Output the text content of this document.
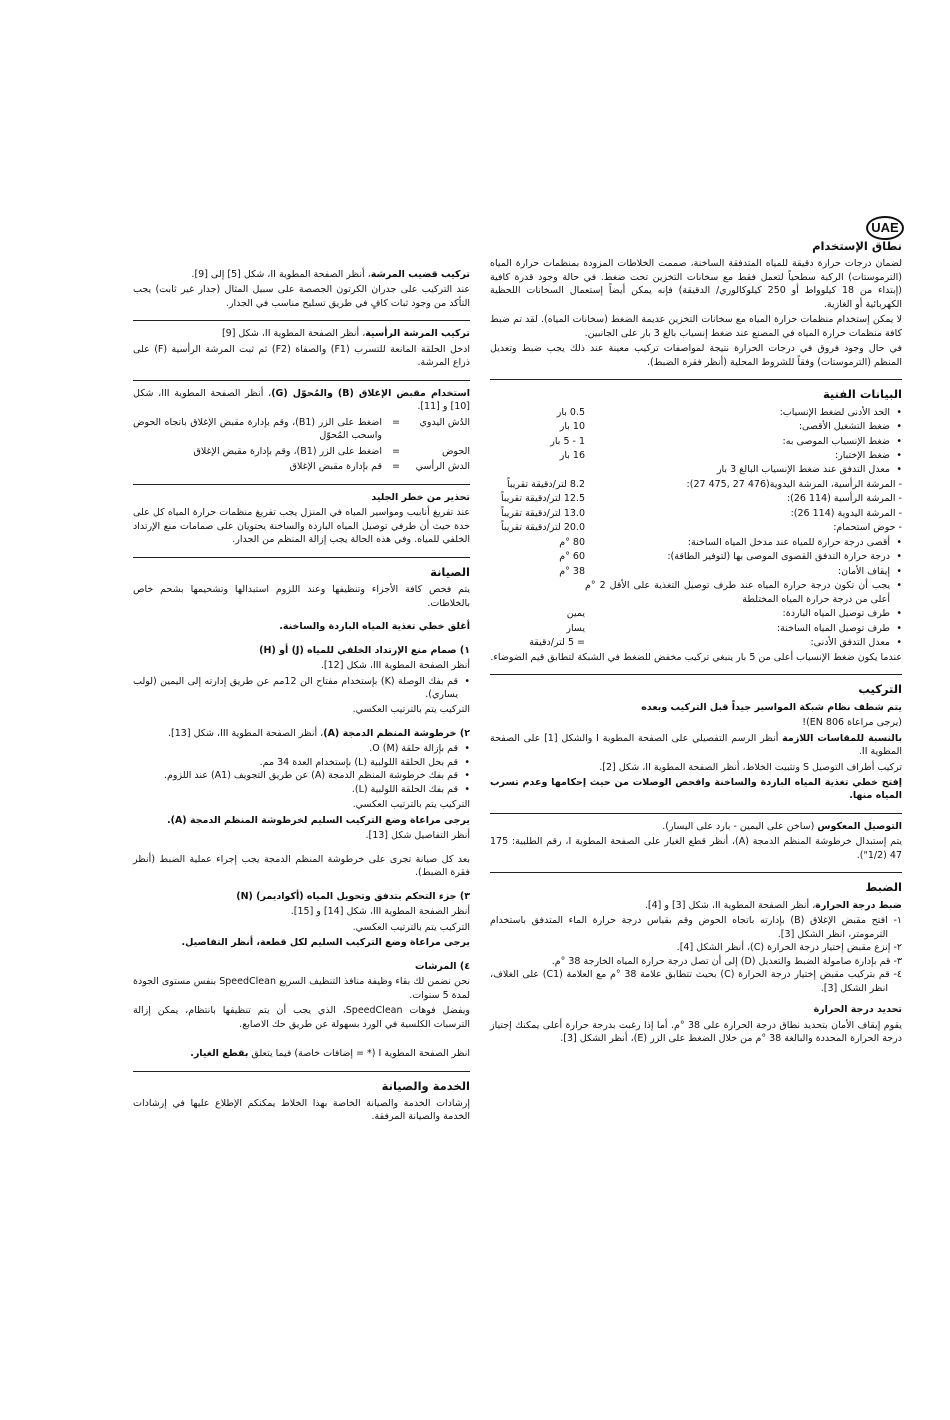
UAE
نطاق الإستخدام

لضمان درجات حرارة دقيقة للمياه المتدفقة الساخنة، صممت الخلاطات المزودة بمنظمات حرارة المياه (الترموستات) الركبة سطحياً لتعمل فقط مع سخانات التخزين تحت ضغط. في حالة وجود قدرة كافية (إبتداء من 18 كيلوواط أو 250 كيلوكالوري/ الدقيقة) فإنه يمكن أيضاً إستعمال السخانات اللحظية الكهربائية أو الغازية.

لا يمكن إستخدام منظمات حرارة المياه مع سخانات التخزين عديمة الضغط (سخانات المياه). لقد تم ضبط كافة منظمات حرارة المياه في المصنع عند ضغط إنسياب بالغ 3 بار على الجانبين.

في حال وجود فروق في درجات الحرارة نتيجة لمواصفات تركيب معينة عند ذلك يجب ضبط وتعديل المنظم (الترموستات) وفقاً للشروط المحلية (أنظر فقرة الضبط).

البيانات الفنية
• الحد الأدنى لضغط الإنسياب:
0.5 بار
• ضغط التشغيل الأقصى:
10 بار
• ضغط الإنسياب الموصى به:
1 - 5 بار
• ضغط الإختبار:
16 بار
• معدل التدفق عند ضغط الإنسياب البالغ 3 بار
- المرشة الرأسية، المرشة اليدوية(476 27 ,475 27):
8.2 لتر/دقيقة تقريباً
- المرشة الرأسية (114 26):
12.5 لتر/دقيقة تقريباً
- المرشة اليدوية (114 26):
13.0 لتر/دقيقة تقريباً
- حوض استحمام:
20.0 لتر/دقيقة تقريباً
• أقصى درجة حرارة للمياه عند مدخل المياه الساخنة:
80 °م
• درجة حرارة التدفق القصوى الموصى بها (لتوفير الطاقة):
60 °م
• إيقاف الأمان:
38 °م
• يجب أن تكون درجة حرارة المياه عند طرف توصيل التغذية على الأقل 2 °م أعلى من درجة حرارة المياه المختلطة
• طرف توصيل المياه الباردة:
يمين
• طرف توصيل المياه الساخنة:
يسار
• معدل التدفق الأدنى:
= 5 لتر/دقيقة

عندما يكون ضغط الإنسياب أعلى من 5 بار ينبغي تركيب مخفض للضغط في الشبكة لتطابق قيم الضوضاء.

التركيب

يتم شطف نظام شبكة المواسير جيداً قبل التركيب وبعده

(يرجى مراعاة EN 806)!

بالنسبة للمقاسات اللازمة أنظر الرسم التفصيلي على الصفحة المطوية I والشكل [1] على الصفحة المطوية II.

تركيب أطراف التوصيل S وتثبيت الخلاط، أنظر الصفحة المطوية II، شكل [2].

إفتح خطي تغذية المياه الباردة والساخنة وافحص الوصلات من حيث إحكامها وعدم تسرب المياه منها.

التوصيل المعكوس (ساخن على اليمين - بارد على اليسار).

يتم إستبدال خرطوشة المنظم الدمجة (A)، أنظر قطع الغيار على الصفحة المطوية I، رقم الطلبية: 175 47 (1/2").

الضبط

ضبط درجة الحرارة، أنظر الصفحة المطوية II، شكل [3] و [4].

١- افتح مقبض الإغلاق (B) بإدارته باتجاه الحوض وقم بقياس درجة حرارة الماء المتدفق باستخدام الترمومتر، انظر الشكل [3].
٢- إنزع مقبض إختيار درجة الحرارة (C)، أنظر الشكل [4].
٣- قم بإدارة صامولة الضبط والتعديل (D) إلى أن تصل درجة حرارة المياه الخارجة 38 °م.
٤- قم بتركيب مقبض إختيار درجة الحرارة (C) بحيث تتطابق علامة 38 °م مع العلامة (C1) على الغلاف، انظر الشكل [3].

تحديد درجة الحرارة

يقوم إيقاف الأمان بتحديد نطاق درجة الحرارة على 38 °م. أما إذا رغبت بدرجة حرارة أعلى يمكنك إجتياز درجة الحرارة المحددة والبالغة 38 °م من خلال الضغط على الزر (E)، أنظر الشكل [3].

تركيب قضيب المرشة، أنظر الصفحة المطوية II، شكل [5] إلى [9].

عند التركيب على جدران الكرتون الجصصة على سبيل المثال (جدار غير ثابت) يجب التأكد من وجود ثبات كافٍ في طريق تسليح مناسب في الجدار.

تركيب المرشة الرأسية، أنظر الصفحة المطوية II، شكل [9]

ادخل الحلقة المانعة للتسرب (F1) والصفاة (F2) ثم ثبت المرشة الرأسية (F) على ذراع المرشة.

استخدام مقبض الإغلاق (B) والمُحوّل (G)، أنظر الصفحة المطوية III، شكل [10] و [11].

الدُش اليدوي
=
اضغط على الزر (B1)، وقم بإدارة مقبض الإغلاق باتجاه الحوض واسحب المُحوّل
الحوض
=
اضغط على الزر (B1)، وقم بإدارة مقبض الإغلاق
الدش الرأسي
=
قم بإدارة مقبض الإغلاق

تحذير من خطر الجليد

عند تفريغ أنابيب ومواسير المياه في المنزل يجب تفريغ منظمات حرارة المياه كل على حدة حيث أن طرفي توصيل المياه الباردة والساخنة يحتويان على صمامات منع الإرتداد الخلفي للمياه. وفي هذه الحالة يجب إزالة المنظم من الجدار.

الصيانة

يتم فحص كافة الأجزاء وتنظيفها وعند اللزوم استبدالها وتشحيمها بشحم خاص بالخلاطات.

أغلق خطي تغذية المياه الباردة والساخنة.

١) صمام منع الإرتداد الخلفي للمياه (J) أو (H)

أنظر الصفحة المطوية III، شكل [12].

• قم بفك الوصلة (K) بإستخدام مفتاح الن 12مم عن طريق إدارته إلى اليمين (لولب يساري).

التركيب يتم بالترتيب العكسي.

٢) خرطوشة المنظم الدمجة (A)، أنظر الصفحة المطوية III، شكل [13].

• قم بإزالة حلقة (M) O.
• قم بحل الحلقة اللولبية (L) بإستخدام العدة 34 مم.
• قم بفك خرطوشة المنظم الدمجة (A) عن طريق التجويف (A1) عند اللزوم.
• قم بفك الحلقة اللولبية (L).

التركيب يتم بالترتيب العكسي.

يرجى مراعاة وضع التركيب السليم لخرطوشة المنظم الدمجة (A).

أنظر التفاصيل شكل [13].

بعد كل صيانة تجرى على خرطوشة المنظم الدمجة يجب إجراء عملية الضبط (أنظر فقرة الضبط).

٣) جزء التحكم بتدفق وتحويل المياه (أكواديمر) (N)

أنظر الصفحة المطوية III، شكل [14] و [15].

التركيب يتم بالترتيب العكسي.

يرجى مراعاة وضع التركيب السليم لكل قطعة، أنظر التفاصيل.

٤) المرشات

نحن نضمن لك بقاء وظيفة منافذ التنظيف السريع SpeedClean بنفس مستوى الجودة لمدة 5 سنوات.

ويفضل فوهات SpeedClean، الذي يجب أن يتم تنظيفها بانتظام، يمكن إزالة الترسبات الكلسية في الورد بسهولة عن طريق حك الاصابع.

انظر الصفحة المطوية I (* = إضافات خاصة) فيما يتعلق بقطع الغيار.

الخدمة والصيانة

إرشادات الخدمة والصيانة الخاصة بهذا الخلاط يمكنكم الإطلاع عليها في إرشادات الخدمة والصيانة المرفقة.
